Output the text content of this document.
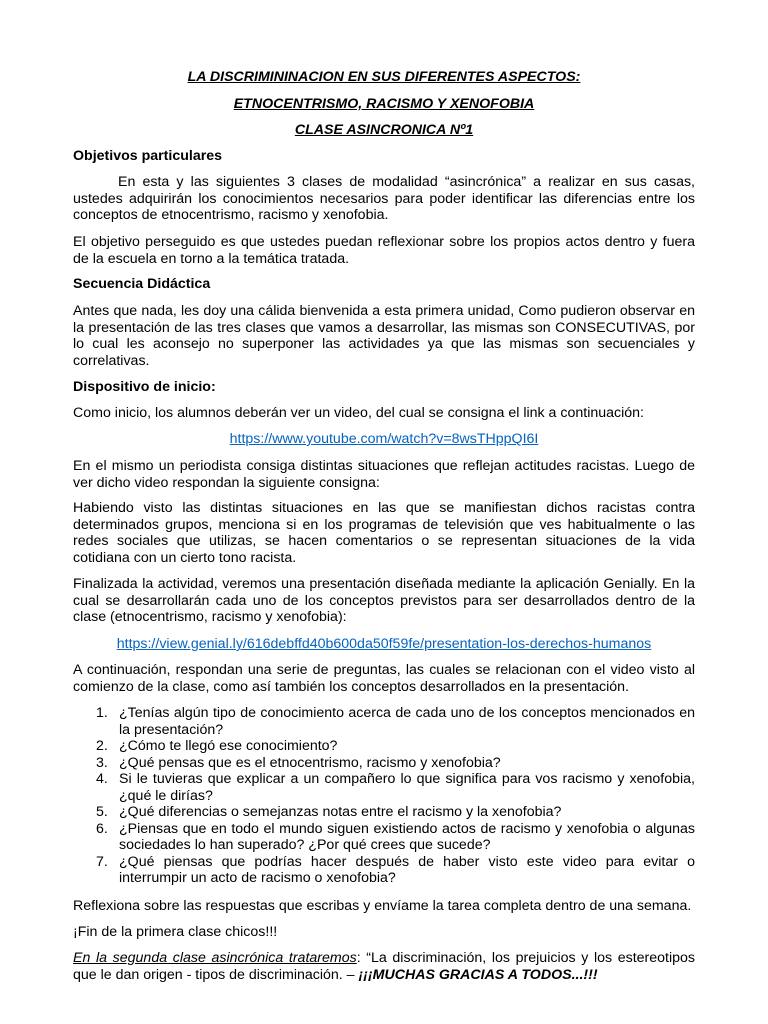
LA DISCRIMININACION EN SUS DIFERENTES ASPECTOS:
ETNOCENTRISMO, RACISMO Y XENOFOBIA
CLASE ASINCRONICA Nº1

Objetivos particulares

En esta y las siguientes 3 clases de modalidad “asincrónica” a realizar en sus casas, ustedes adquirirán los conocimientos necesarios para poder identificar las diferencias entre los conceptos de etnocentrismo, racismo y xenofobia.

El objetivo perseguido es que ustedes puedan reflexionar sobre los propios actos dentro y fuera de la escuela en torno a la temática tratada.

Secuencia Didáctica

Antes que nada, les doy una cálida bienvenida a esta primera unidad, Como pudieron observar en la presentación de las tres clases que vamos a desarrollar, las mismas son CONSECUTIVAS, por lo cual les aconsejo no superponer las actividades ya que las mismas son secuenciales y correlativas.

Dispositivo de inicio:

Como inicio, los alumnos deberán ver un video, del cual se consigna el link a continuación:

https://www.youtube.com/watch?v=8wsTHppQI6I

En el mismo un periodista consiga distintas situaciones que reflejan actitudes racistas. Luego de ver dicho video respondan la siguiente consigna:

Habiendo visto las distintas situaciones en las que se manifiestan dichos racistas contra determinados grupos, menciona si en los programas de televisión que ves habitualmente o las redes sociales que utilizas, se hacen comentarios o se representan situaciones de la vida cotidiana con un cierto tono racista.

Finalizada la actividad, veremos una presentación diseñada mediante la aplicación Genially. En la cual se desarrollarán cada uno de los conceptos previstos para ser desarrollados dentro de la clase (etnocentrismo, racismo y xenofobia):

https://view.genial.ly/616debffd40b600da50f59fe/presentation-los-derechos-humanos

A continuación, respondan una serie de preguntas, las cuales se relacionan con el video visto al comienzo de la clase, como así también los conceptos desarrollados en la presentación.

1. ¿Tenías algún tipo de conocimiento acerca de cada uno de los conceptos mencionados en la presentación?
2. ¿Cómo te llegó ese conocimiento?
3. ¿Qué pensas que es el etnocentrismo, racismo y xenofobia?
4. Si le tuvieras que explicar a un compañero lo que significa para vos racismo y xenofobia, ¿qué le dirías?
5. ¿Qué diferencias o semejanzas notas entre el racismo y la xenofobia?
6. ¿Piensas que en todo el mundo siguen existiendo actos de racismo y xenofobia o algunas sociedades lo han superado? ¿Por qué crees que sucede?
7. ¿Qué piensas que podrías hacer después de haber visto este video para evitar o interrumpir un acto de racismo o xenofobia?

Reflexiona sobre las respuestas que escribas y envíame la tarea completa dentro de una semana.

¡Fin de la primera clase chicos!!!

En la segunda clase asincrónica trataremos: “La discriminación, los prejuicios y los estereotipos que le dan origen - tipos de discriminación. – ¡¡¡MUCHAS GRACIAS A TODOS...!!!
